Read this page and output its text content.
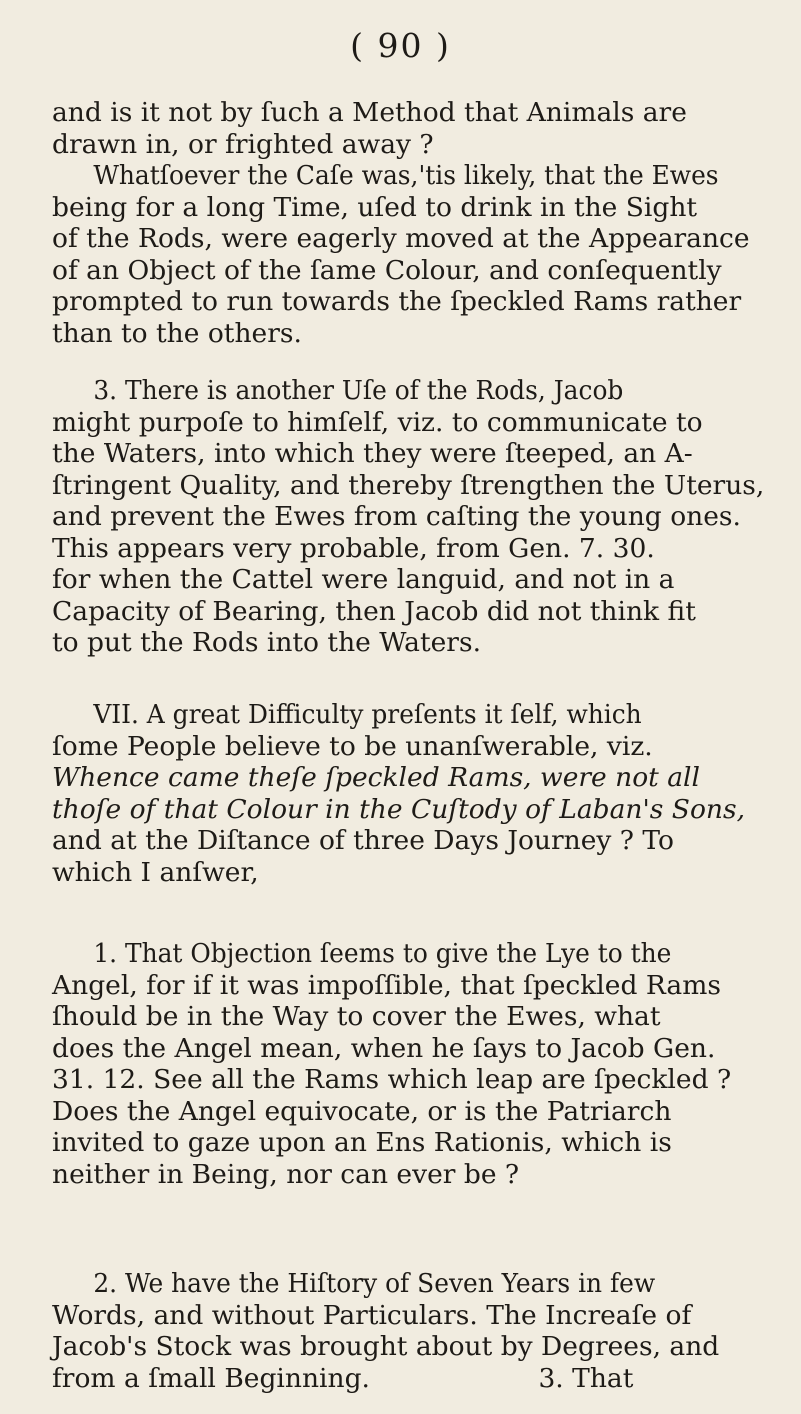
( 90 )
and is it not by ſuch a Method that Animals are
drawn in, or frighted away ?
Whatſoever the Caſe was,'tis likely, that the Ewes
being for a long Time, uſed to drink in the Sight
of the Rods, were eagerly moved at the Appearance
of an Object of the ſame Colour, and conſequently
prompted to run towards the ſpeckled Rams rather
than to the others.
3. There is another Uſe of the Rods, Jacob
might purpoſe to himſelf, viz. to communicate to
the Waters, into which they were ſteeped, an A-
ſtringent Quality, and thereby ſtrengthen the Uterus,
and prevent the Ewes from caſting the young ones.
This appears very probable, from Gen. 7. 30.
for when the Cattel were languid, and not in a
Capacity of Bearing, then Jacob did not think fit
to put the Rods into the Waters.
VII. A great Difficulty preſents it ſelf, which
ſome People believe to be unanſwerable, viz.
Whence came theſe ſpeckled Rams, were not all
thoſe of that Colour in the Cuſtody of Laban's Sons,
and at the Diſtance of three Days Journey ? To
which I anſwer,
1. That Objection ſeems to give the Lye to the
Angel, for if it was impoſſible, that ſpeckled Rams
ſhould be in the Way to cover the Ewes, what
does the Angel mean, when he ſays to Jacob Gen.
31. 12. See all the Rams which leap are ſpeckled ?
Does the Angel equivocate, or is the Patriarch
invited to gaze upon an Ens Rationis, which is
neither in Being, nor can ever be ?
2. We have the Hiſtory of Seven Years in few
Words, and without Particulars. The Increaſe of
Jacob's Stock was brought about by Degrees, and
from a ſmall Beginning.                    3. That
